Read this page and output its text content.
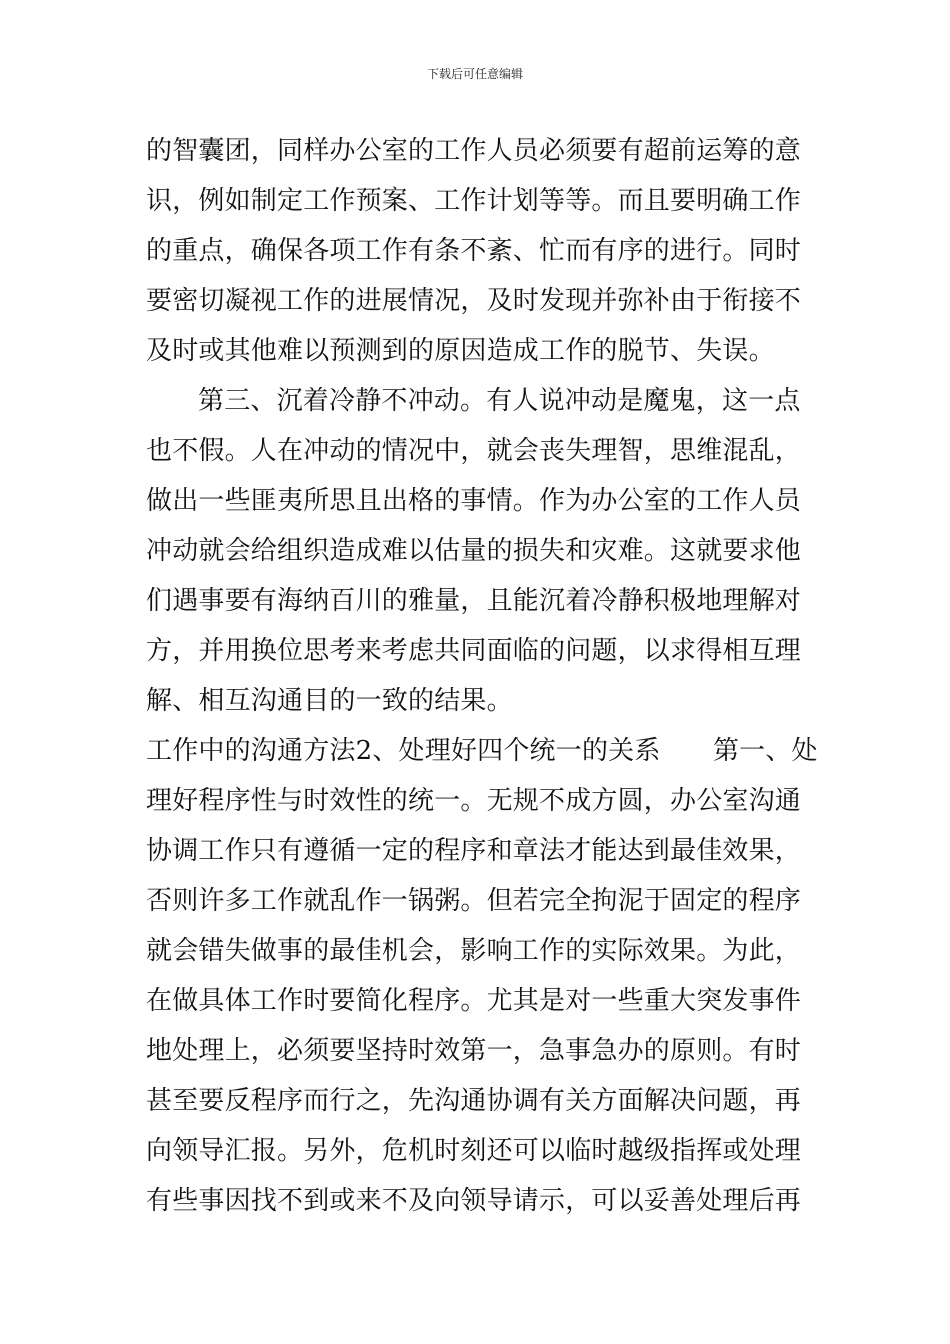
下载后可任意编辑
的智囊团，同样办公室的工作人员必须要有超前运筹的意
识，例如制定工作预案、工作计划等等。而且要明确工作
的重点，确保各项工作有条不紊、忙而有序的进行。同时
要密切凝视工作的进展情况，及时发现并弥补由于衔接不
及时或其他难以预测到的原因造成工作的脱节、失误。
第三、沉着冷静不冲动。有人说冲动是魔鬼，这一点
也不假。人在冲动的情况中，就会丧失理智，思维混乱，
做出一些匪夷所思且出格的事情。作为办公室的工作人员
冲动就会给组织造成难以估量的损失和灾难。这就要求他
们遇事要有海纳百川的雅量，且能沉着冷静积极地理解对
方，并用换位思考来考虑共同面临的问题，以求得相互理
解、相互沟通目的一致的结果。
工作中的沟通方法2、处理好四个统一的关系　　第一、处
理好程序性与时效性的统一。无规不成方圆，办公室沟通
协调工作只有遵循一定的程序和章法才能达到最佳效果，
否则许多工作就乱作一锅粥。但若完全拘泥于固定的程序
就会错失做事的最佳机会，影响工作的实际效果。为此，
在做具体工作时要简化程序。尤其是对一些重大突发事件
地处理上，必须要坚持时效第一，急事急办的原则。有时
甚至要反程序而行之，先沟通协调有关方面解决问题，再
向领导汇报。另外，危机时刻还可以临时越级指挥或处理
有些事因找不到或来不及向领导请示，可以妥善处理后再
